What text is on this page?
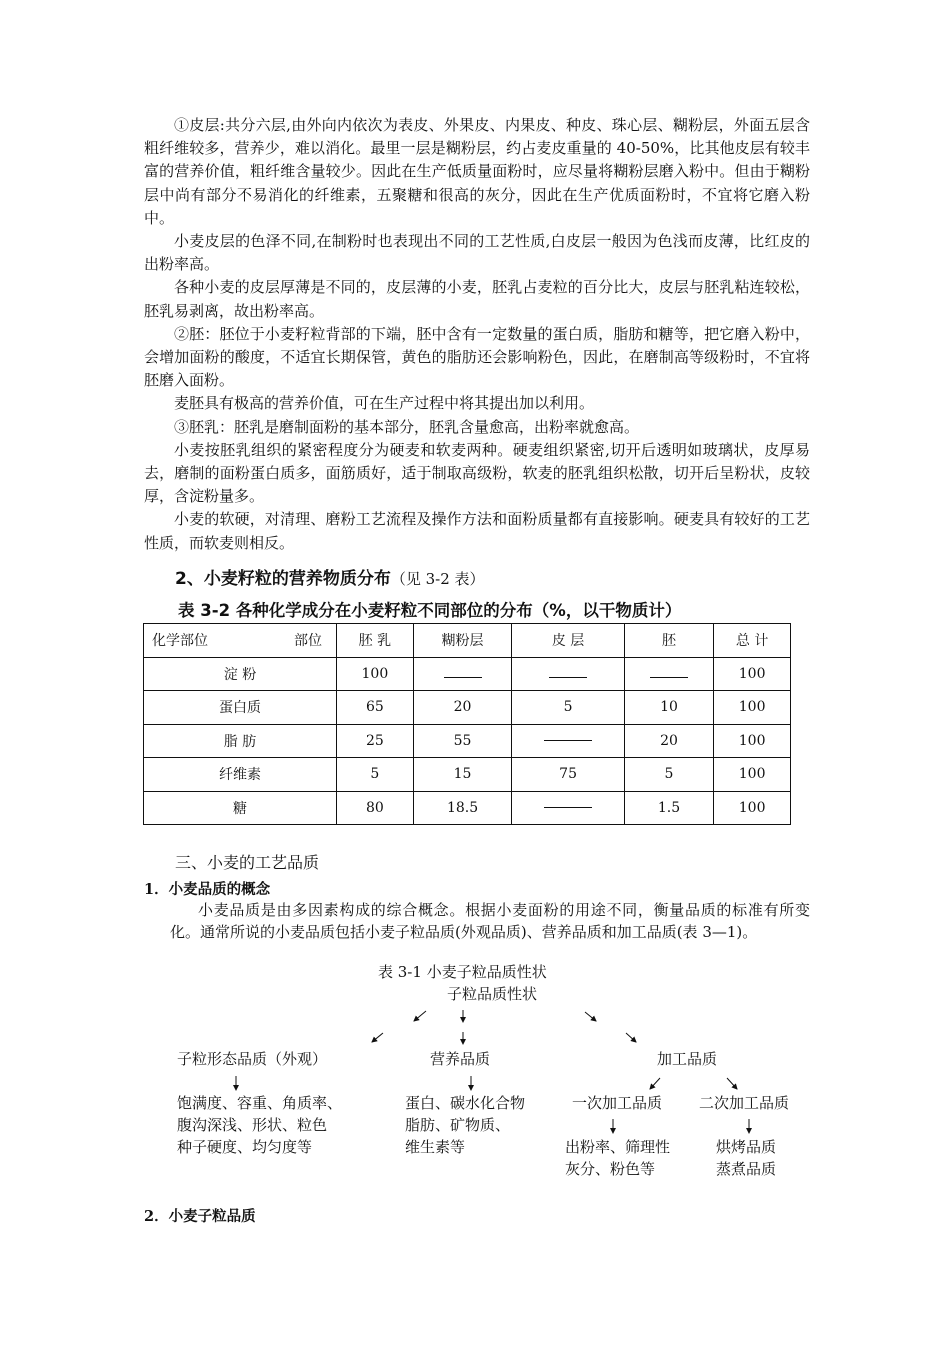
①皮层:共分六层,由外向内依次为表皮、外果皮、内果皮、种皮、珠心层、糊粉层，外面五层含粗纤维较多，营养少，难以消化。最里一层是糊粉层，约占麦皮重量的 40-50%，比其他皮层有较丰富的营养价值，粗纤维含量较少。因此在生产低质量面粉时，应尽量将糊粉层磨入粉中。但由于糊粉层中尚有部分不易消化的纤维素，五聚糖和很高的灰分，因此在生产优质面粉时，不宜将它磨入粉中。

小麦皮层的色泽不同,在制粉时也表现出不同的工艺性质,白皮层一般因为色浅而皮薄，比红皮的出粉率高。

各种小麦的皮层厚薄是不同的，皮层薄的小麦，胚乳占麦粒的百分比大，皮层与胚乳粘连较松，胚乳易剥离，故出粉率高。

②胚：胚位于小麦籽粒背部的下端，胚中含有一定数量的蛋白质，脂肪和糖等，把它磨入粉中，会增加面粉的酸度，不适宜长期保管，黄色的脂肪还会影响粉色，因此，在磨制高等级粉时，不宜将胚磨入面粉。

麦胚具有极高的营养价值，可在生产过程中将其提出加以利用。

③胚乳：胚乳是磨制面粉的基本部分，胚乳含量愈高，出粉率就愈高。

小麦按胚乳组织的紧密程度分为硬麦和软麦两种。硬麦组织紧密,切开后透明如玻璃状，皮厚易去，磨制的面粉蛋白质多，面筋质好，适于制取高级粉，软麦的胚乳组织松散，切开后呈粉状，皮较厚，含淀粉量多。

小麦的软硬，对清理、磨粉工艺流程及操作方法和面粉质量都有直接影响。硬麦具有较好的工艺性质，而软麦则相反。

2、小麦籽粒的营养物质分布（见 3-2 表）
表 3-2 各种化学成分在小麦籽粒不同部位的分布（%，以干物质计）
化学部位 部位	胚 乳	糊粉层	皮 层	胚	总 计
淀 粉	100				100
蛋白质	65	20	5	10	100
脂 肪	25	55		20	100
纤维素	5	15	75	5	100
糖	80	18.5		1.5	100
三、小麦的工艺品质
1．小麦品质的概念

小麦品质是由多因素构成的综合概念。根据小麦面粉的用途不同，衡量品质的标准有所变化。通常所说的小麦品质包括小麦子粒品质(外观品质)、营养品质和加工品质(表 3—1)。

表 3-1 小麦子粒品质性状
子粒品质性状
子粒形态品质（外观）	营养品质	加工品质
饱满度、容重、角质率、
腹沟深浅、形状、粒色
种子硬度、均匀度等
蛋白、碳水化合物
脂肪、矿物质、
维生素等
一次加工品质 二次加工品质
出粉率、筛理性
灰分、粉色等
烘烤品质
蒸煮品质
2．小麦子粒品质
